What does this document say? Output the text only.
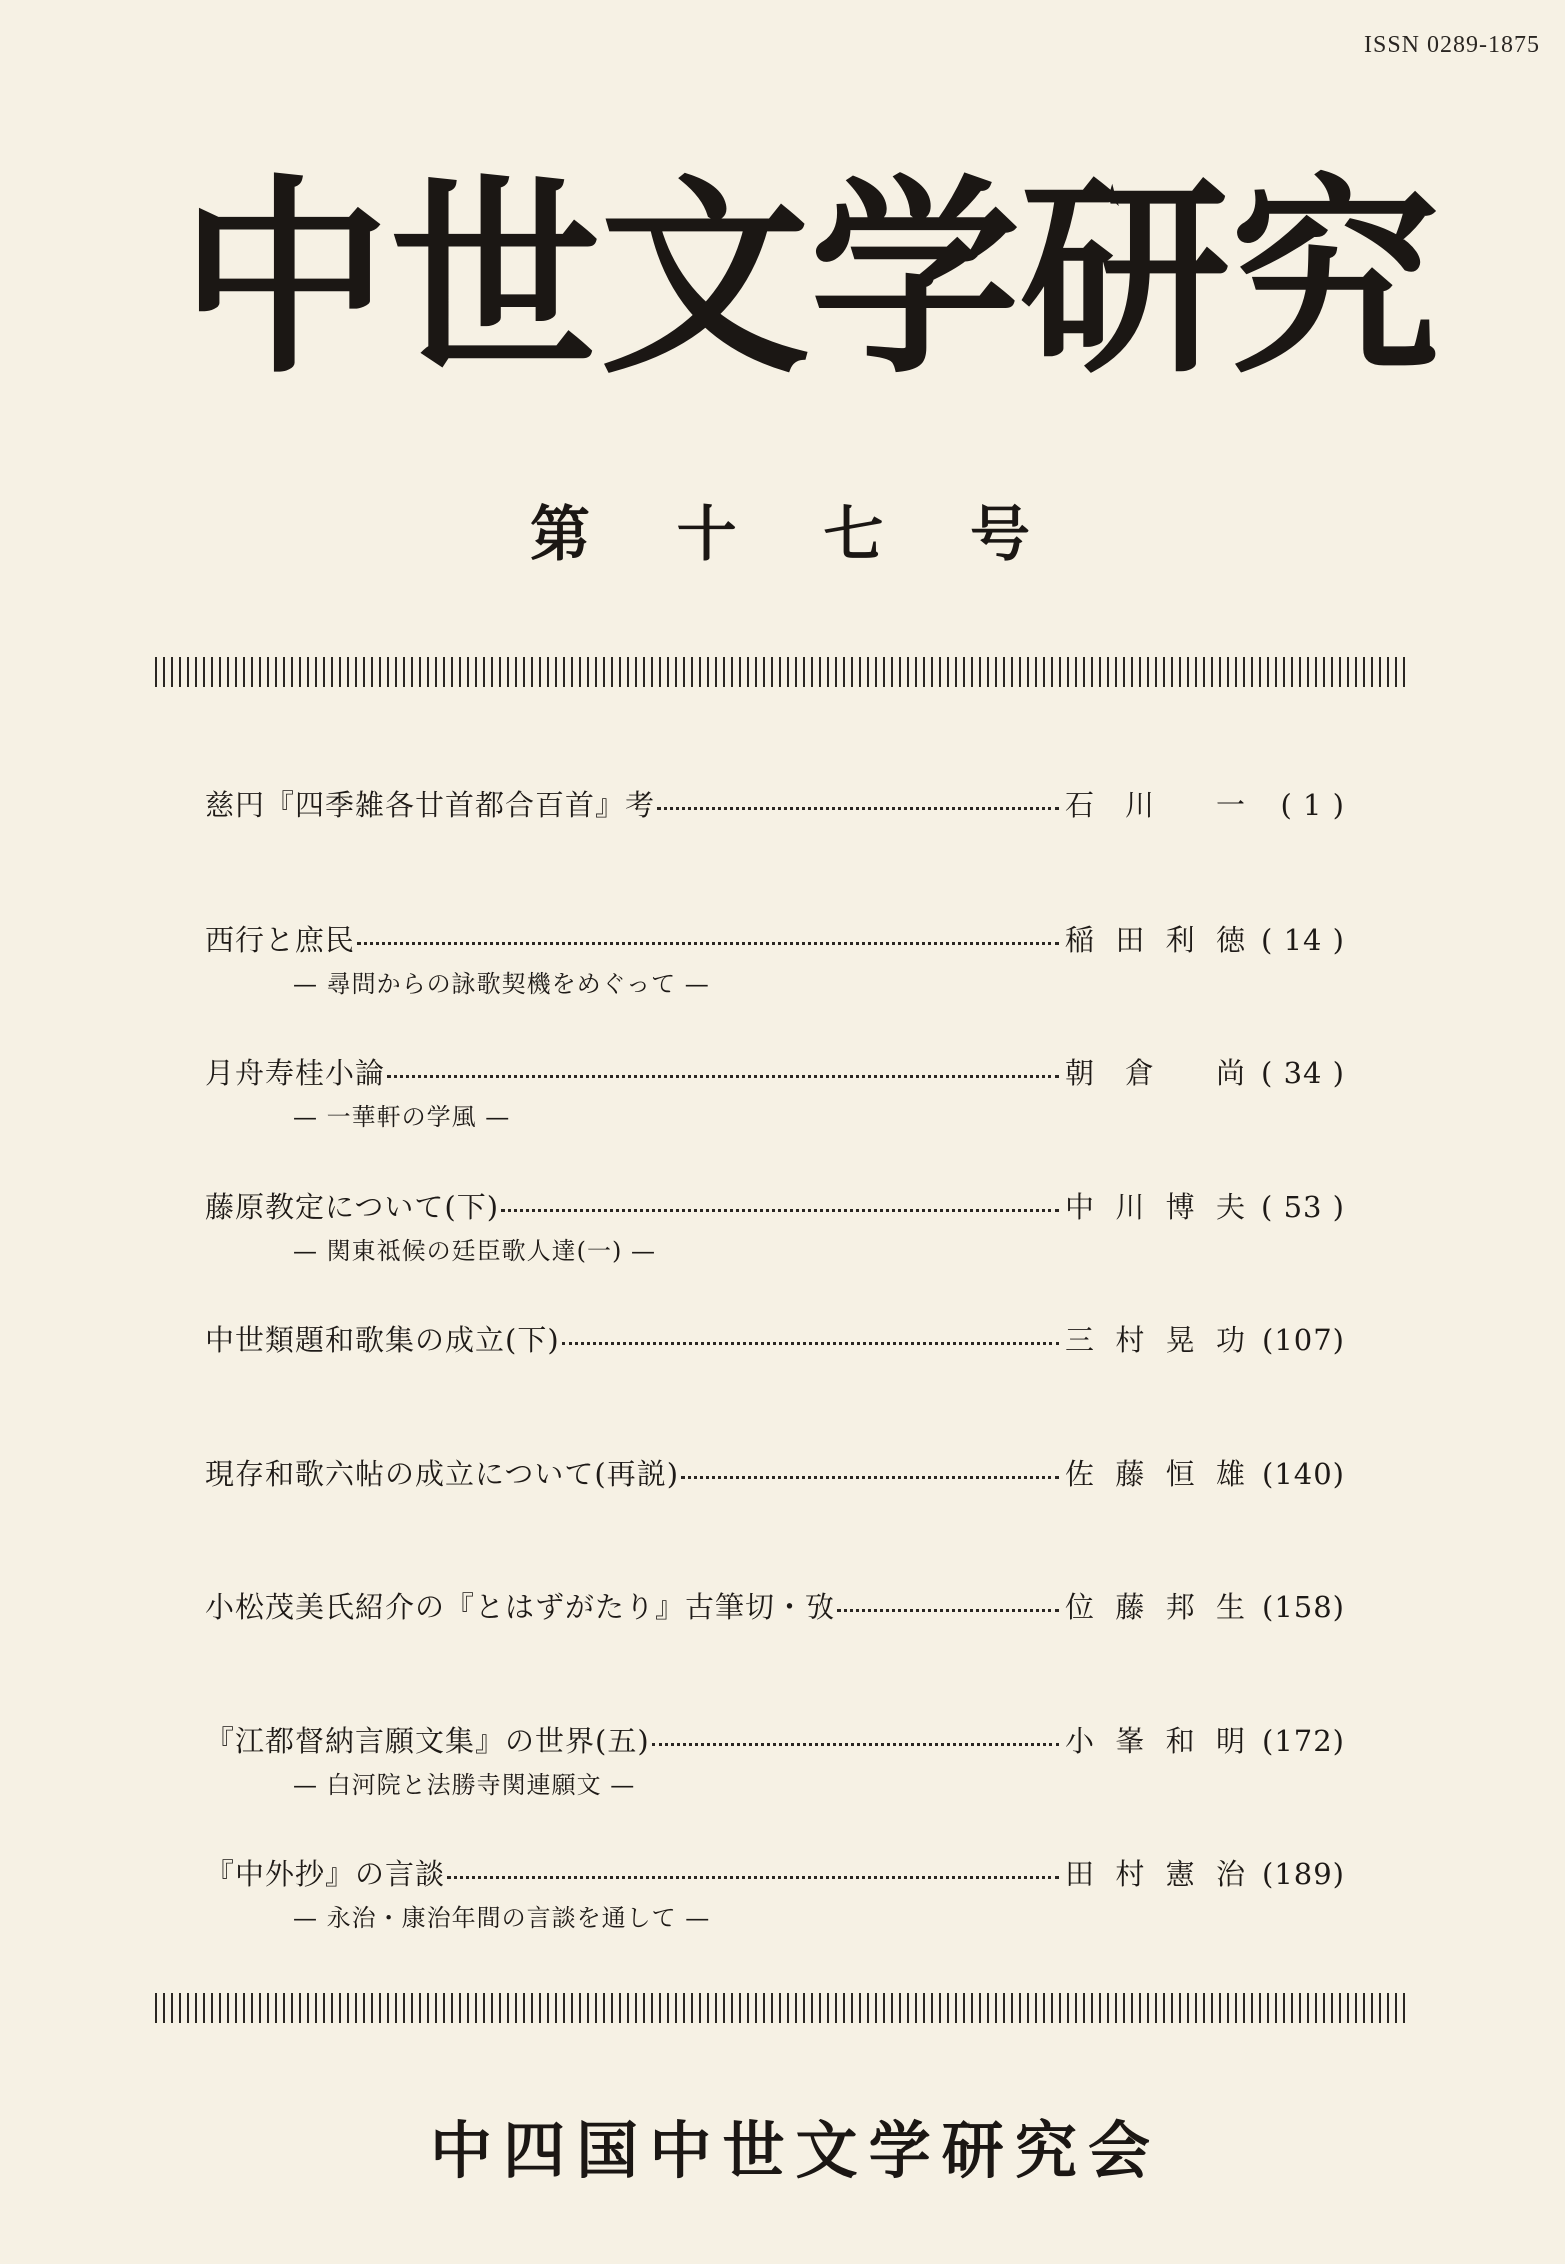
ISSN 0289-1875
中 世 文 学 研 究
第 十 七 号
慈円『四季雑各廿首都合百首』考	石 川 一	( 1 )
西行と庶民	稲 田 利 徳 ( 14 )
— 尋問からの詠歌契機をめぐって —
月舟寿桂小論	朝 倉 尚 ( 34 )
— 一華軒の学風 —
藤原教定について(下)	中 川 博 夫 ( 53 )
— 関東祗候の廷臣歌人達(一) —
中世類題和歌集の成立(下)	三 村 晃 功 (107)
現存和歌六帖の成立について(再説)	佐 藤 恒 雄 (140)
小松茂美氏紹介の『とはずがたり』古筆切・攷	位 藤 邦 生 (158)
『江都督納言願文集』の世界(五)	小 峯 和 明 (172)
— 白河院と法勝寺関連願文 —
『中外抄』の言談	田 村 憲 治 (189)
— 永治・康治年間の言談を通して —
中 四 国 中 世 文 学 研 究 会
